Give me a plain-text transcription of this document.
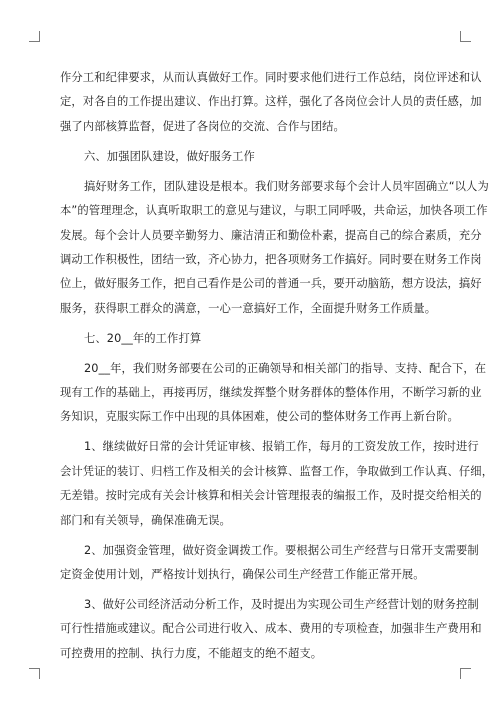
作分工和纪律要求，从而认真做好工作。同时要求他们进行工作总结，岗位评述和认
定，对各自的工作提出建议、作出打算。这样，强化了各岗位会计人员的责任感，加
强了内部核算监督，促进了各岗位的交流、合作与团结。
六、加强团队建设，做好服务工作
搞好财务工作，团队建设是根本。我们财务部要求每个会计人员牢固确立“以人为
本”的管理理念，认真听取职工的意见与建议，与职工同呼吸，共命运，加快各项工作
发展。每个会计人员要辛勤努力、廉洁清正和勤俭朴素，提高自己的综合素质，充分
调动工作积极性，团结一致，齐心协力，把各项财务工作搞好。同时要在财务工作岗
位上，做好服务工作，把自己看作是公司的普通一兵，要开动脑筋，想方设法，搞好
服务，获得职工群众的满意，一心一意搞好工作，全面提升财务工作质量。
七、20__年的工作打算
20__年，我们财务部要在公司的正确领导和相关部门的指导、支持、配合下，在
现有工作的基础上，再接再厉，继续发挥整个财务群体的整体作用，不断学习新的业
务知识，克服实际工作中出现的具体困难，使公司的整体财务工作再上新台阶。
1、继续做好日常的会计凭证审核、报销工作，每月的工资发放工作，按时进行
会计凭证的装订、归档工作及相关的会计核算、监督工作，争取做到工作认真、仔细，
无差错。按时完成有关会计核算和相关会计管理报表的编报工作，及时提交给相关的
部门和有关领导，确保准确无误。
2、加强资金管理，做好资金调拨工作。要根据公司生产经营与日常开支需要制
定资金使用计划，严格按计划执行，确保公司生产经营工作能正常开展。
3、做好公司经济活动分析工作，及时提出为实现公司生产经营计划的财务控制
可行性措施或建议。配合公司进行收入、成本、费用的专项检查，加强非生产费用和
可控费用的控制、执行力度，不能超支的绝不超支。
